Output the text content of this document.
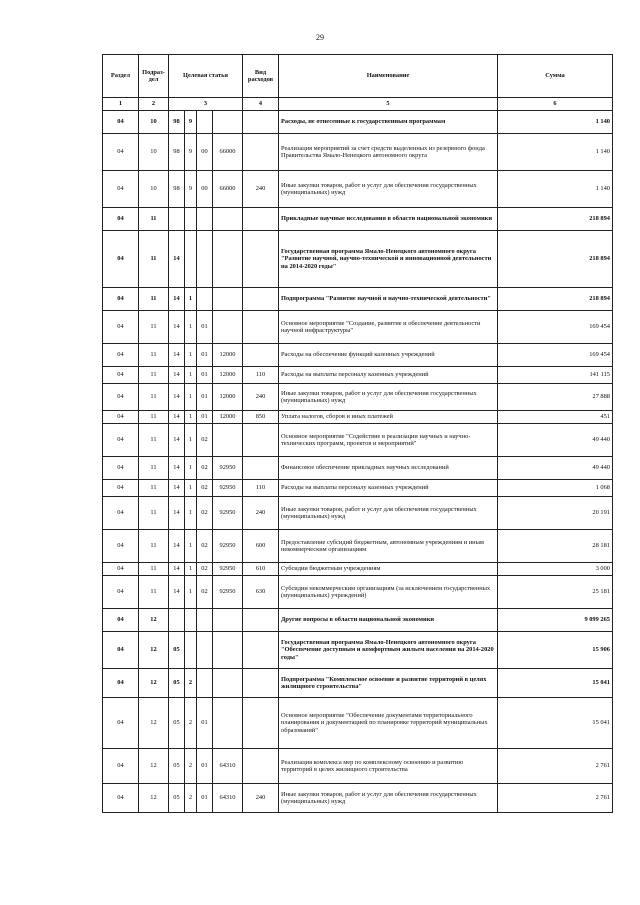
29
Раздел	Подраз-дел	Целевая статья				Вид расходов	Наименование	Сумма
1	2	3				4	5	6
04	10	98	9				Расходы, не отнесенные к государственным программам	1 140
04	10	98	9	00	66000		Реализация мероприятий за счет средств выделенных из резервного фонда Правительства Ямало-Ненецкого автономного округа	1 140
04	10	98	9	00	66000	240	Иные закупки товаров, работ и услуг для обеспечения государственных (муниципальных) нужд	1 140
04	11						Прикладные научные исследования в области национальной экономики	218 894
04	11	14					Государственная программа Ямало-Ненецкого автономного округа "Развитие научной, научно-технической и инновационной деятельности на 2014-2020 годы"	218 894
04	11	14	1				Подпрограмма "Развитие научной и научно-технической деятельности"	218 894
04	11	14	1	01			Основное мероприятие "Создание, развитие и обеспечение деятельности научной инфраструктуры"	169 454
04	11	14	1	01	12000		Расходы на обеспечение функций казенных учреждений	169 454
04	11	14	1	01	12000	110	Расходы на выплаты персоналу казенных учреждений	141 115
04	11	14	1	01	12000	240	Иные закупки товаров, работ и услуг для обеспечения государственных (муниципальных) нужд	27 888
04	11	14	1	01	12000	850	Уплата налогов, сборов и иных платежей	451
04	11	14	1	02			Основное мероприятие "Содействие в реализации научных и научно-технических программ, проектов и мероприятий"	49 440
04	11	14	1	02	92950		Финансовое обеспечение прикладных научных исследований	49 440
04	11	14	1	02	92950	110	Расходы на выплаты персоналу казенных учреждений	1 068
04	11	14	1	02	92950	240	Иные закупки товаров, работ и услуг для обеспечения государственных (муниципальных) нужд	20 191
04	11	14	1	02	92950	600	Предоставление субсидий бюджетным, автономным учреждениям и иным некоммерческим организациям	28 181
04	11	14	1	02	92950	610	Субсидии бюджетным учреждениям	3 000
04	11	14	1	02	92950	630	Субсидии некоммерческим организациям (за исключением государственных (муниципальных) учреждений)	25 181
04	12						Другие вопросы в области национальной экономики	9 099 265
04	12	05					Государственная программа Ямало-Ненецкого автономного округа "Обеспечение доступным и комфортным жильем населения на 2014-2020 годы"	15 906
04	12	05	2				Подпрограмма "Комплексное освоение и развитие территорий в целях жилищного строительства"	15 041
04	12	05	2	01			Основное мероприятие "Обеспечение документами территориального планирования и документацией по планировке территорий муниципальных образований"	15 041
04	12	05	2	01	64310		Реализация комплекса мер по комплексному освоению и развитию территорий в целях жилищного строительства	2 761
04	12	05	2	01	64310	240	Иные закупки товаров, работ и услуг для обеспечения государственных (муниципальных) нужд	2 761
